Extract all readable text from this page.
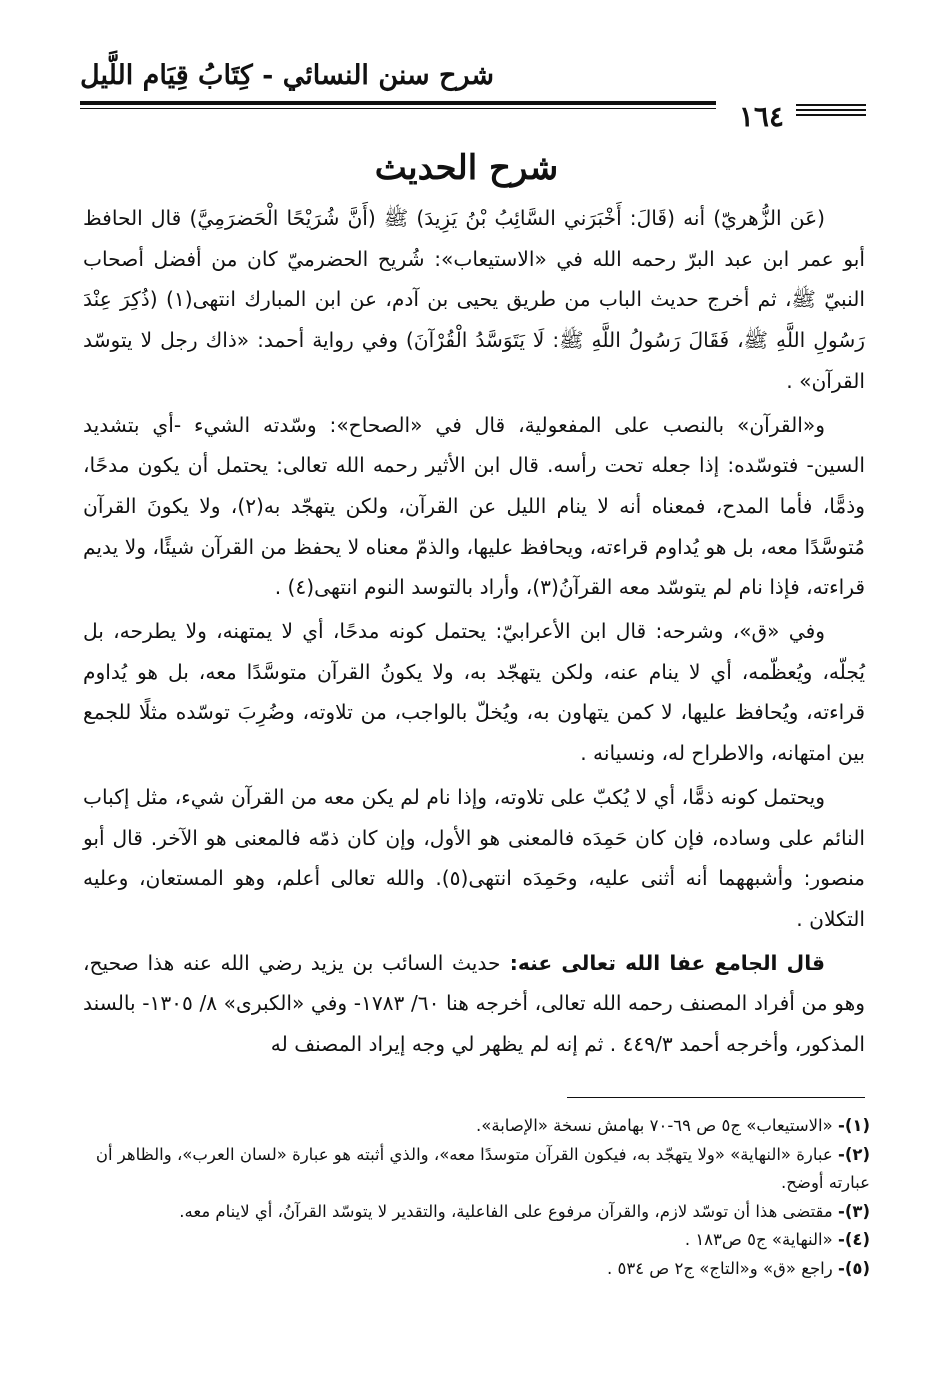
شرح سنن النسائي - كِتَابُ قِيَام اللَّيل
١٦٤
شرح الحديث

(عَن الزُّهريّ) أنه (قَالَ: أَخْبَرَني السَّائِبُ بْنُ يَزِيدَ) ﷺ (أَنَّ شُرَيْحًا الْحَضرَمِيَّ) قال الحافظ أبو عمر ابن عبد البرّ رحمه الله في «الاستيعاب»: شُريح الحضرميّ كان من أفضل أصحاب النبيّ ﷺ، ثم أخرج حديث الباب من طريق يحيى بن آدم، عن ابن المبارك انتهى(١) (ذُكِرَ عِنْدَ رَسُولِ اللَّهِ ﷺ، فَقَالَ رَسُولُ اللَّهِ ﷺ: لَا يَتَوَسَّدُ الْقُرْآنَ) وفي رواية أحمد: «ذاك رجل لا يتوسّد القرآن» .

و«القرآن» بالنصب على المفعولية، قال في «الصحاح»: وسّدته الشيء -أي بتشديد السين- فتوسّده: إذا جعله تحت رأسه. قال ابن الأثير رحمه الله تعالى: يحتمل أن يكون مدحًا، وذمًّا، فأما المدح، فمعناه أنه لا ينام الليل عن القرآن، ولكن يتهجّد به(٢)، ولا يكونَ القرآن مُتوسَّدًا معه، بل هو يُداوم قراءته، ويحافظ عليها، والذمّ معناه لا يحفظ من القرآن شيئًا، ولا يديم قراءته، فإذا نام لم يتوسّد معه القرآنُ(٣)، وأراد بالتوسد النوم انتهى(٤) .

وفي «ق»، وشرحه: قال ابن الأعرابيّ: يحتمل كونه مدحًا، أي لا يمتهنه، ولا يطرحه، بل يُجلّه، ويُعظّمه، أي لا ينام عنه، ولكن يتهجّد به، ولا يكونُ القرآن متوسَّدًا معه، بل هو يُداوم قراءته، ويُحافظ عليها، لا كمن يتهاون به، ويُخلّ بالواجب، من تلاوته، وضُرِبَ توسّده مثلًا للجمع بين امتهانه، والاطراح له، ونسيانه .

ويحتمل كونه ذمًّا، أي لا يُكبّ على تلاوته، وإذا نام لم يكن معه من القرآن شيء، مثل إكباب النائم على وساده، فإن كان حَمِدَه فالمعنى هو الأول، وإن كان ذمّه فالمعنى هو الآخر. قال أبو منصور: وأشبههما أنه أثنى عليه، وحَمِدَه انتهى(٥). والله تعالى أعلم، وهو المستعان، وعليه التكلان .

قال الجامع عفا الله تعالى عنه: حديث السائب بن يزيد رضي الله عنه هذا صحيح، وهو من أفراد المصنف رحمه الله تعالى، أخرجه هنا ٦٠/ ١٧٨٣- وفي «الكبرى» ٨/ ١٣٠٥- بالسند المذكور، وأخرجه أحمد ٤٤٩/٣ . ثم إنه لم يظهر لي وجه إيراد المصنف له

(١)- «الاستيعاب» ج٥ ص ٦٩-٧٠ بهامش نسخة «الإصابة».

(٢)- عبارة «النهاية» «ولا يتهجّد به، فيكون القرآن متوسدًا معه»، والذي أثبته هو عبارة «لسان العرب»، والظاهر أن عبارته أوضح.

(٣)- مقتضى هذا أن توسّد لازم، والقرآن مرفوع على الفاعلية، والتقدير لا يتوسّد القرآنُ، أي لاينام معه.

(٤)- «النهاية» ج٥ ص١٨٣ .

(٥)- راجع «ق» و«التاج» ج٢ ص ٥٣٤ .
